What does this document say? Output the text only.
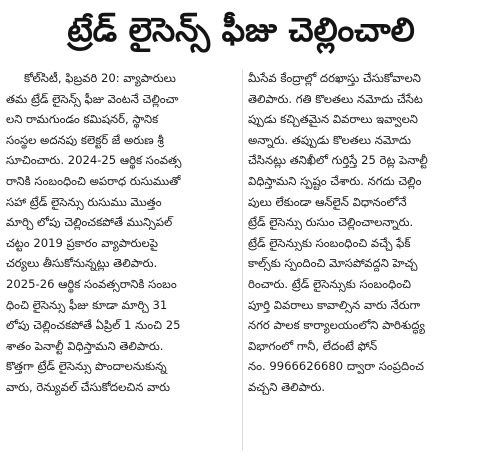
ట్రేడ్ లైసెన్స్ ఫీజు చెల్లించాలి
కోల్‌సిటీ, ఫిబ్రవరి 20: వ్యాపారులు
తమ ట్రేడ్ లైసెన్స్ ఫీజు వెంటనే చెల్లించా
లని రామగుండం కమిషనర్, స్థానిక
సంస్థల అదనపు కలెక్టర్ జే అరుణ శ్రీ
సూచించారు. 2024-25 ఆర్థిక సంవత్స
రానికి సంబంధించి అపరాధ రుసుముతో
సహా ట్రేడ్ లైసెన్సు రుసుము మొత్తం
మార్చి లోపు చెల్లించకపోతే మున్సిపల్
చట్టం 2019 ప్రకారం వ్యాపారులపై
చర్యలు తీసుకోనున్నట్లు తెలిపారు.
2025-26 ఆర్థిక సంవత్సరానికి సంబం
ధించి లైసెన్సు ఫీజు కూడా మార్చి 31
లోపు చెల్లించకపోతే ఏప్రిల్ 1 నుంచి 25
శాతం పెనాల్టీ విధిస్తామని తెలిపారు.
కొత్తగా ట్రేడ్ లైసెన్సు పొందాలనుకున్న
వారు, రెన్యువల్ చేసుకోదలచిన వారు
మీసేవ కేంద్రాల్లో దరఖాస్తు చేసుకోవాలని
తెలిపారు. గతి కొలతలు నమోదు చేసేట
ప్పుడు కచ్చితమైన వివరాలు ఇవ్వాలని
అన్నారు. తప్పుడు కొలతలు నమోదు
చేసినట్లు తనిఖీలో గుర్తిస్తే 25 రెట్ల పెనాల్టీ
విధిస్తామని స్పష్టం చేశారు. నగదు చెల్లిం
పులు లేకుండా ఆన్‌లైన్ విధానంలోనే
ట్రేడ్ లైసెన్సు రుసుం చెల్లించాలన్నారు.
ట్రేడ్ లైసెన్సుకు సంబంధించి వచ్చే ఫేక్
కాల్స్‌కు స్పందించి మోసపోవద్దని హెచ్చ
రించారు. ట్రేడ్ లైసెన్సుకు సంబంధించి
పూర్తి వివరాలు కావాల్సిన వారు నేరుగా
నగర పాలక కార్యాలయంలోని పారిశుద్ధ్య
విభాగంలో గానీ, లేదంటే ఫోన్
నం. 9966626680 ద్వారా సంప్రదించ
వచ్చని తెలిపారు.
